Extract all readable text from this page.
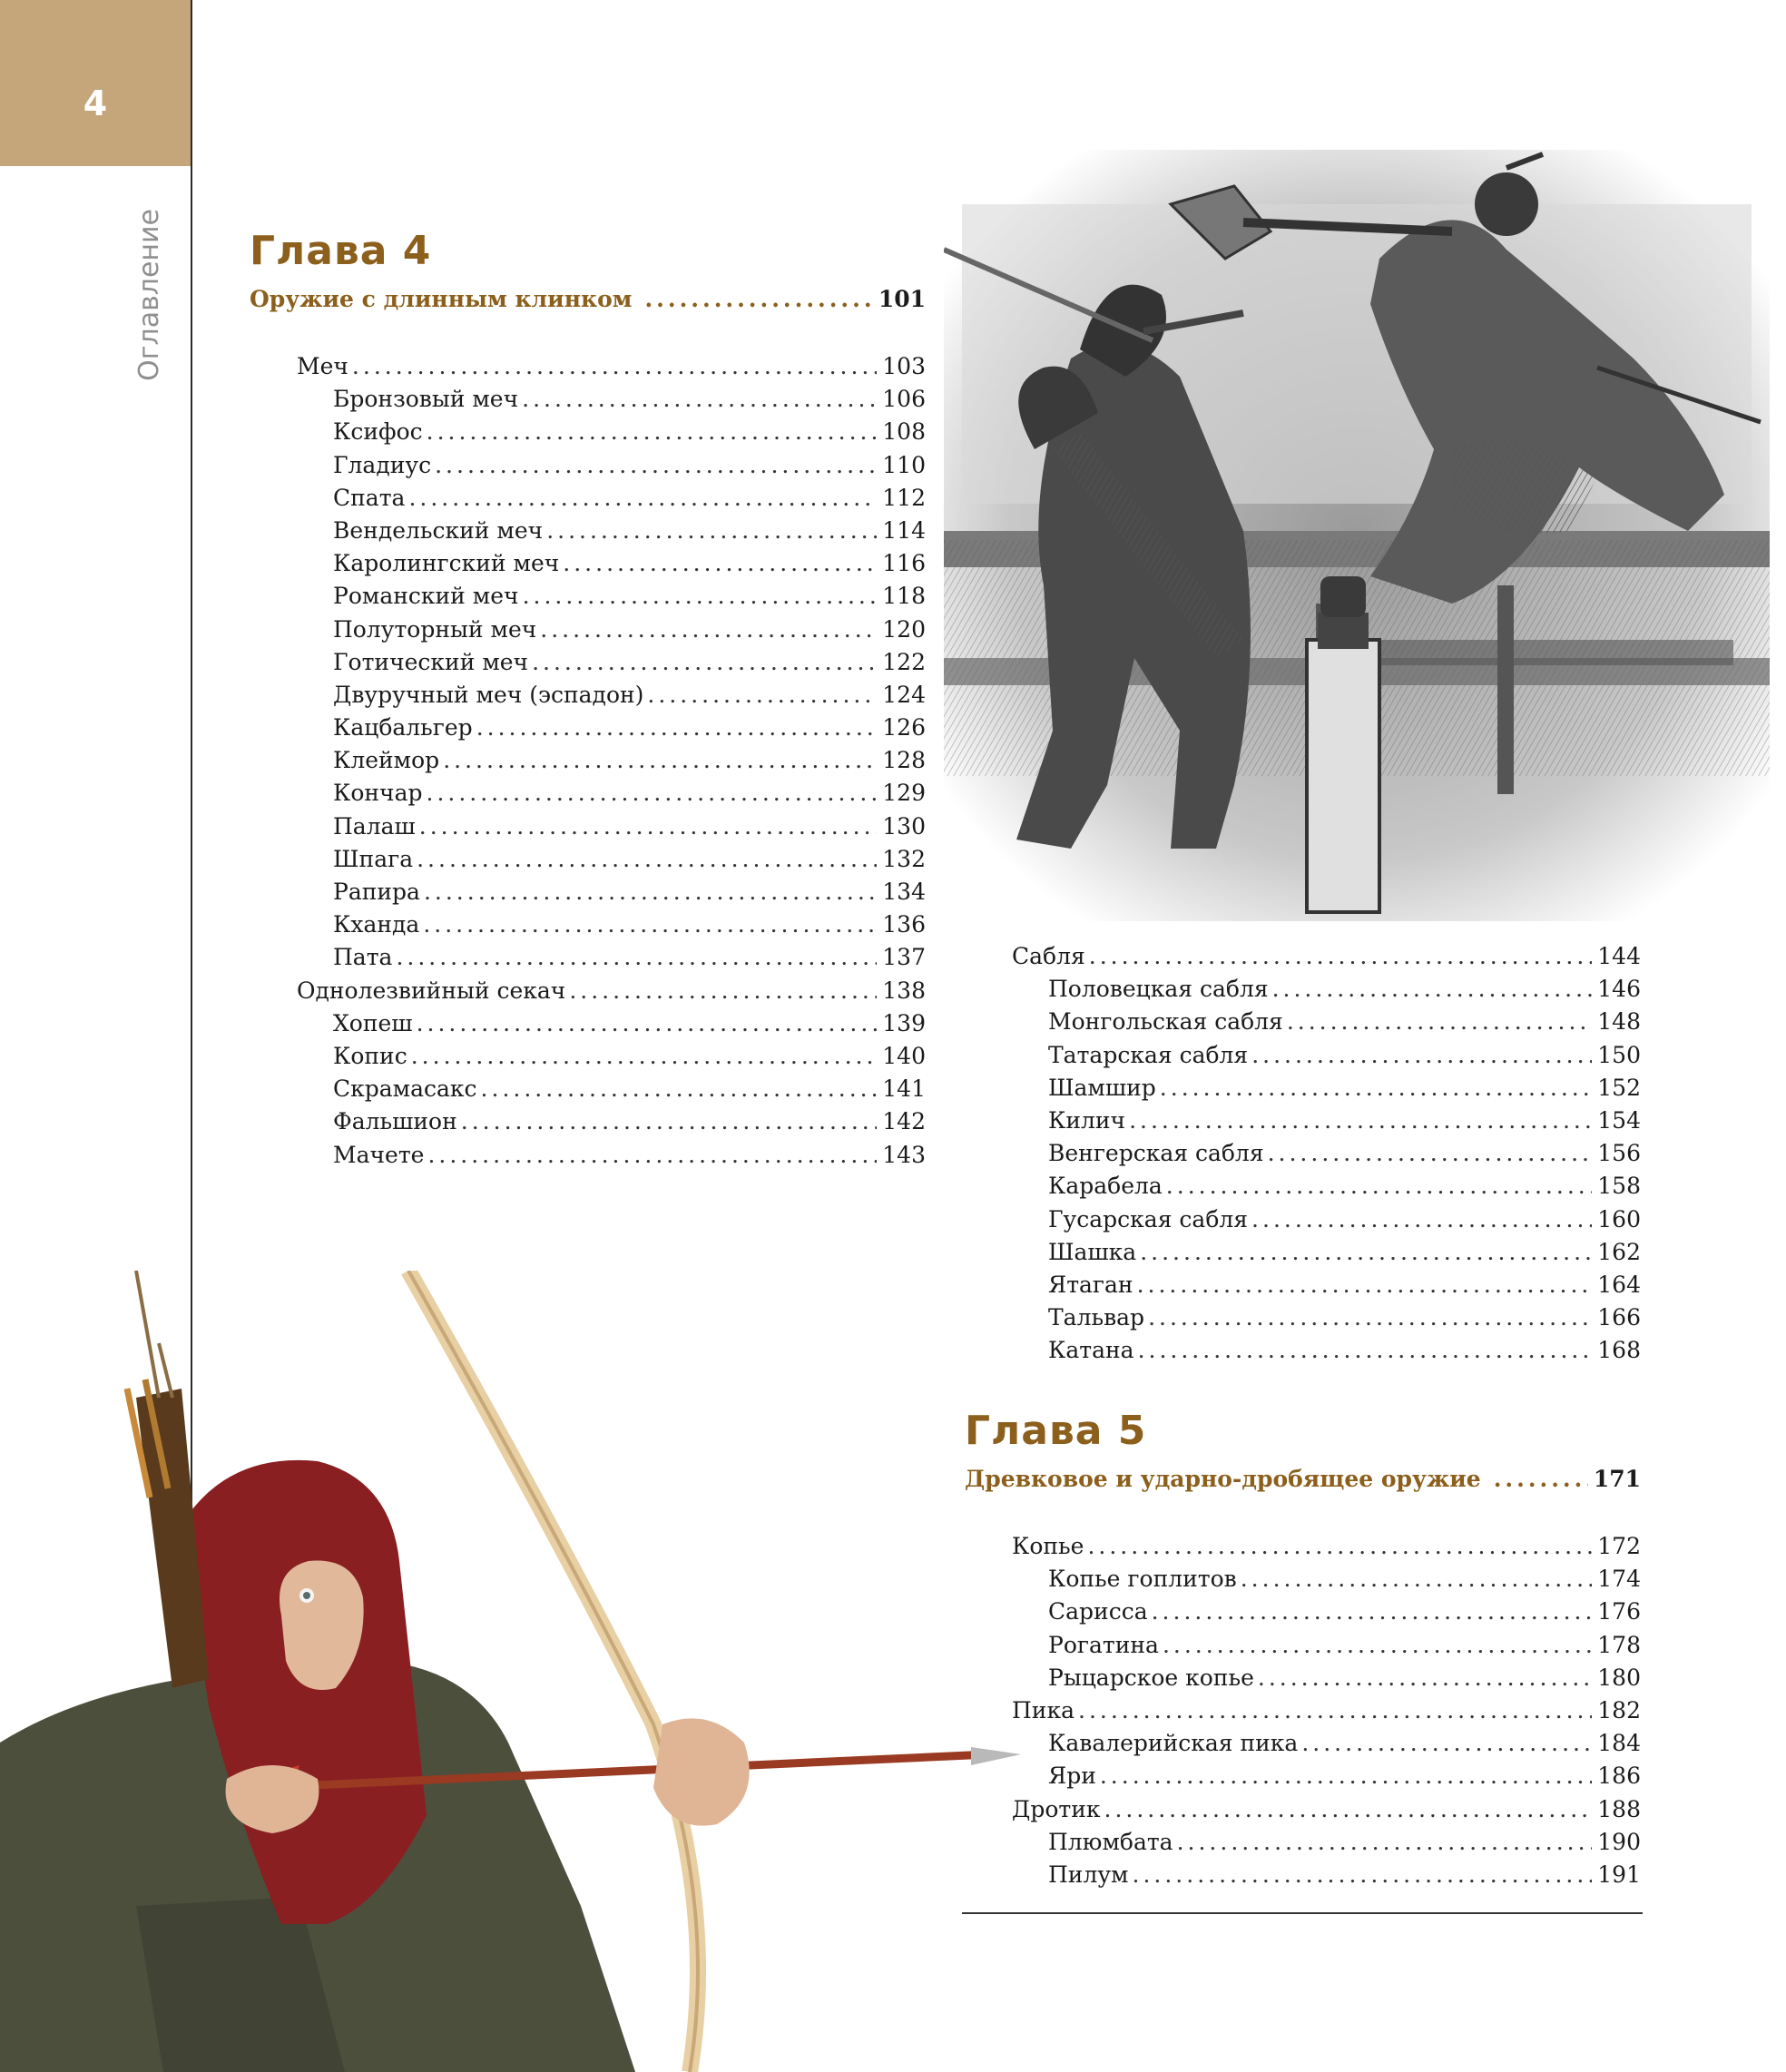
4
Оглавление Глава 4
Оружие с длинным клинком .....	101
Меч .....	103
Бронзовый меч .....	106
Ксифос .....	108
Гладиус .....	110
Спата .....	112
Вендельский меч .....	114
Каролингский меч .....	116
Романский меч .....	118
Полуторный меч .....	120
Готический меч .....	122
Двуручный меч (эспадон) .....	124
Кацбальгер .....	126
Клеймор .....	128
Кончар .....	129
Палаш .....	130
Шпага .....	132
Рапира .....	134
Кханда .....	136
Пата .....	137
Однолезвийный секач .....	138
Хопеш .....	139
Копис .....	140
Скрамасакс .....	141
Фальшион .....	142
Мачете .....	143
Сабля .....	144
Половецкая сабля .....	146
Монгольская сабля .....	148
Татарская сабля .....	150
Шамшир .....	152
Килич .....	154
Венгерская сабля .....	156
Карабела .....	158
Гусарская сабля .....	160
Шашка .....	162
Ятаган .....	164
Тальвар .....	166
Катана .....	168
Глава 5
Древковое и ударно-дробящее оружие .....	171
Копье .....	172
Копье гоплитов .....	174
Сарисса .....	176
Рогатина .....	178
Рыцарское копье .....	180
Пика .....	182
Кавалерийская пика .....	184
Яри .....	186
Дротик .....	188
Плюмбата .....	190
Пилум .....	191
